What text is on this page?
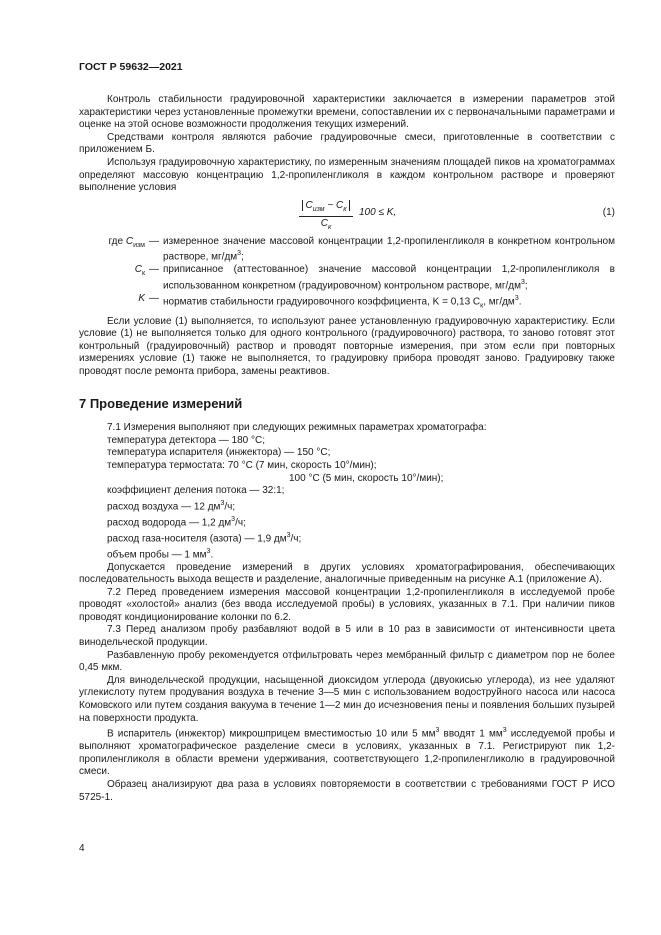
ГОСТ Р 59632—2021

Контроль стабильности градуировочной характеристики заключается в измерении параметров этой характеристики через установленные промежутки времени, сопоставлении их с первоначальными параметрами и оценке на этой основе возможности продолжения текущих измерений.

Средствами контроля являются рабочие градуировочные смеси, приготовленные в соответствии с приложением Б.

Используя градуировочную характеристику, по измеренным значениям площадей пиков на хроматограммах определяют массовую концентрацию 1,2-пропиленгликоля в каждом контрольном растворе и проверяют выполнение условия

$C_{изм} - C_к$
$C_к$
100 ≤ K,	(1)
где $C_{изм}$ — измеренное значение массовой концентрации 1,2-пропиленгликоля в конкретном контрольном растворе, $мг/дм^3$;
$C_к$ — приписанное (аттестованное) значение массовой концентрации 1,2-пропиленгликоля в использованном конкретном (градуировочном) контрольном растворе, $мг/дм^3$;
K — норматив стабильности градуировочного коэффициента, K = 0,13 $C_к$, $мг/дм^3$.

Если условие (1) выполняется, то используют ранее установленную градуировочную характеристику. Если условие (1) не выполняется только для одного контрольного (градуировочного) раствора, то заново готовят этот контрольный (градуировочный) раствор и проводят повторные измерения, при этом если при повторных измерениях условие (1) также не выполняется, то градуировку прибора проводят заново. Градуировку также проводят после ремонта прибора, замены реактивов.

7 Проведение измерений

7.1 Измерения выполняют при следующих режимных параметрах хроматографа:

температура детектора — 180 °С;

температура испарителя (инжектора) — 150 °С;

температура термостата: 70 °С (7 мин, скорость 10°/мин);

100 °С (5 мин, скорость 10°/мин);

коэффициент деления потока — 32:1;

расход воздуха — 12 $дм^3/ч$;

расход водорода — 1,2 $дм^3/ч$;

расход газа-носителя (азота) — 1,9 $дм^3/ч$;

объем пробы — 1 $мм^3$.

Допускается проведение измерений в других условиях хроматографирования, обеспечивающих последовательность выхода веществ и разделение, аналогичные приведенным на рисунке А.1 (приложение А).

7.2 Перед проведением измерения массовой концентрации 1,2-пропиленгликоля в исследуемой пробе проводят «холостой» анализ (без ввода исследуемой пробы) в условиях, указанных в 7.1. При наличии пиков проводят кондиционирование колонки по 6.2.

7.3 Перед анализом пробу разбавляют водой в 5 или в 10 раз в зависимости от интенсивности цвета винодельческой продукции.

Разбавленную пробу рекомендуется отфильтровать через мембранный фильтр с диаметром пор не более 0,45 мкм.

Для винодельческой продукции, насыщенной диоксидом углерода (двуокисью углерода), из нее удаляют углекислоту путем продувания воздуха в течение 3—5 мин с использованием водоструйного насоса или насоса Комовского или путем создания вакуума в течение 1—2 мин до исчезновения пены и появления больших пузырей на поверхности продукта.

В испаритель (инжектор) микрошприцем вместимостью 10 или 5 $мм^3$ вводят 1 $мм^3$ исследуемой пробы и выполняют хроматографическое разделение смеси в условиях, указанных в 7.1. Регистрируют пик 1,2-пропиленгликоля в области времени удерживания, соответствующего 1,2-пропиленгликолю в градуировочной смеси.

Образец анализируют два раза в условиях повторяемости в соответствии с требованиями ГОСТ Р ИСО 5725-1.

4
